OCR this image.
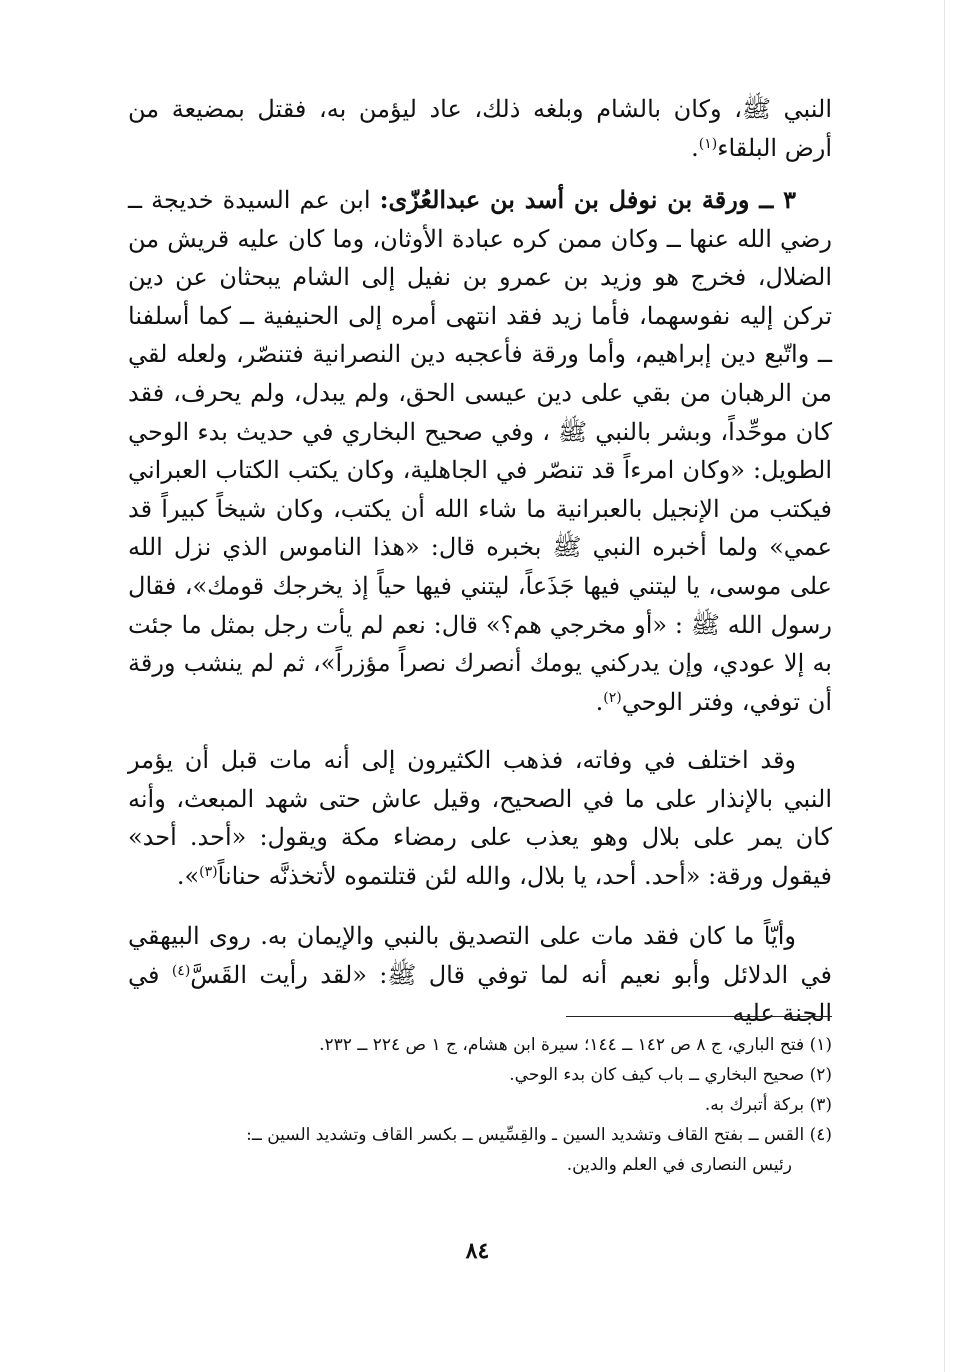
النبي ﷺ، وكان بالشام وبلغه ذلك، عاد ليؤمن به، فقتل بمضيعة من أرض البلقاء$^{(١)}$.

٣ ــ ورقة بن نوفل بن أسد بن عبدالعُزّى: ابن عم السيدة خديجة ــ رضي الله عنها ــ وكان ممن كره عبادة الأوثان، وما كان عليه قريش من الضلال، فخرج هو وزيد بن عمرو بن نفيل إلى الشام يبحثان عن دين تركن إليه نفوسهما، فأما زيد فقد انتهى أمره إلى الحنيفية ــ كما أسلفنا ــ واتّبع دين إبراهيم، وأما ورقة فأعجبه دين النصرانية فتنصّر، ولعله لقي من الرهبان من بقي على دين عيسى الحق، ولم يبدل، ولم يحرف، فقد كان موحِّداً، وبشر بالنبي ﷺ ، وفي صحيح البخاري في حديث بدء الوحي الطويل: «وكان امرءاً قد تنصّر في الجاهلية، وكان يكتب الكتاب العبراني فيكتب من الإنجيل بالعبرانية ما شاء الله أن يكتب، وكان شيخاً كبيراً قد عمي» ولما أخبره النبي ﷺ بخبره قال: «هذا الناموس الذي نزل الله على موسى، يا ليتني فيها جَذَعاً، ليتني فيها حياً إذ يخرجك قومك»، فقال رسول الله ﷺ : «أو مخرجي هم؟» قال: نعم لم يأت رجل بمثل ما جئت به إلا عودي، وإن يدركني يومك أنصرك نصراً مؤزراً»، ثم لم ينشب ورقة أن توفي، وفتر الوحي$^{(٢)}$.

وقد اختلف في وفاته، فذهب الكثيرون إلى أنه مات قبل أن يؤمر النبي بالإنذار على ما في الصحيح، وقيل عاش حتى شهد المبعث، وأنه كان يمر على بلال وهو يعذب على رمضاء مكة ويقول: «أحد. أحد» فيقول ورقة: «أحد. أحد، يا بلال، والله لئن قتلتموه لأتخذنَّه حناناً$^{(٣)}$».

وأيّاً ما كان فقد مات على التصديق بالنبي والإيمان به. روى البيهقي في الدلائل وأبو نعيم أنه لما توفي قال ﷺ: «لقد رأيت القَسَّ$^{(٤)}$ في الجنة عليه

(١) فتح الباري، ج ٨ ص ١٤٢ ــ ١٤٤؛ سيرة ابن هشام، ج ١ ص ٢٢٤ ــ ٢٣٢.
(٢) صحيح البخاري ــ باب كيف كان بدء الوحي.
(٣) بركة أتبرك به.
(٤) القس ــ بفتح القاف وتشديد السين ـ والقِسِّيس ــ بكسر القاف وتشديد السين ــ:
رئيس النصارى في العلم والدين.
٨٤
